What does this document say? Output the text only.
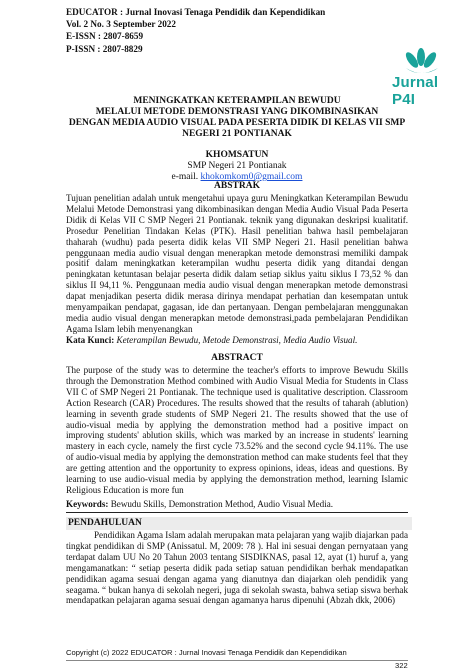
EDUCATOR : Jurnal Inovasi Tenaga Pendidik dan Kependidikan
Vol. 2 No. 3 September 2022
E-ISSN : 2807-8659
P-ISSN : 2807-8829
Jurnal P4I
MENINGKATKAN KETERAMPILAN BEWUDU
MELALUI METODE DEMONSTRASI YANG DIKOMBINASIKAN
DENGAN MEDIA AUDIO VISUAL PADA PESERTA DIDIK DI KELAS VII SMP
NEGERI 21 PONTIANAK
KHOMSATUN
SMP Negeri 21 Pontianak
e-mail. khokomkom0@gmail.com
ABSTRAK
Tujuan penelitian adalah untuk mengetahui upaya guru Meningkatkan Keterampilan Bewudu Melalui Metode Demonstrasi yang dikombinasikan dengan Media Audio Visual Pada Peserta Didik di Kelas VII C SMP Negeri 21 Pontianak. teknik yang digunakan deskripsi kualitatif. Prosedur Penelitian Tindakan Kelas (PTK). Hasil penelitian bahwa hasil pembelajaran thaharah (wudhu) pada peserta didik kelas VII SMP Negeri 21. Hasil penelitian bahwa penggunaan media audio visual dengan menerapkan metode demonstrasi memiliki dampak positif dalam meningkatkan keterampilan wudhu peserta didik yang ditandai dengan peningkatan ketuntasan belajar peserta didik dalam setiap siklus yaitu siklus I 73,52 % dan siklus II 94,11 %. Penggunaan media audio visual dengan menerapkan metode demonstrasi dapat menjadikan peserta didik merasa dirinya mendapat perhatian dan kesempatan untuk menyampaikan pendapat, gagasan, ide dan pertanyaan. Dengan pembelajaran menggunakan media audio visual dengan menerapkan metode demonstrasi,pada pembelajaran Pendidikan Agama Islam lebih menyenangkan
Kata Kunci: Keterampilan Bewudu, Metode Demonstrasi, Media Audio Visual.
ABSTRACT
The purpose of the study was to determine the teacher's efforts to improve Bewudu Skills through the Demonstration Method combined with Audio Visual Media for Students in Class VII C of SMP Negeri 21 Pontianak. The technique used is qualitative description. Classroom Action Research (CAR) Procedures. The results showed that the results of taharah (ablution) learning in seventh grade students of SMP Negeri 21. The results showed that the use of audio-visual media by applying the demonstration method had a positive impact on improving students' ablution skills, which was marked by an increase in students' learning mastery in each cycle, namely the first cycle 73.52% and the second cycle 94.11%. The use of audio-visual media by applying the demonstration method can make students feel that they are getting attention and the opportunity to express opinions, ideas, ideas and questions. By learning to use audio-visual media by applying the demonstration method, learning Islamic Religious Education is more fun
Keywords: Bewudu Skills, Demonstration Method, Audio Visual Media.
PENDAHULUAN
Pendidikan Agama Islam adalah merupakan mata pelajaran yang wajib diajarkan pada tingkat pendidikan di SMP (Anissatul. M, 2009: 78 ). Hal ini sesuai dengan pernyataan yang terdapat dalam UU No 20 Tahun 2003 tentang SISDIKNAS, pasal 12, ayat (1) huruf a, yang mengamanatkan: “ setiap peserta didik pada setiap satuan pendidikan berhak mendapatkan pendidikan agama sesuai dengan agama yang dianutnya dan diajarkan oleh pendidik yang seagama. “ bukan hanya di sekolah negeri, juga di sekolah swasta, bahwa setiap siswa berhak mendapatkan pelajaran agama sesuai dengan agamanya harus dipenuhi (Abzah dkk, 2006)
Copyright (c) 2022 EDUCATOR : Jurnal Inovasi Tenaga Pendidik dan Kependidikan
322
